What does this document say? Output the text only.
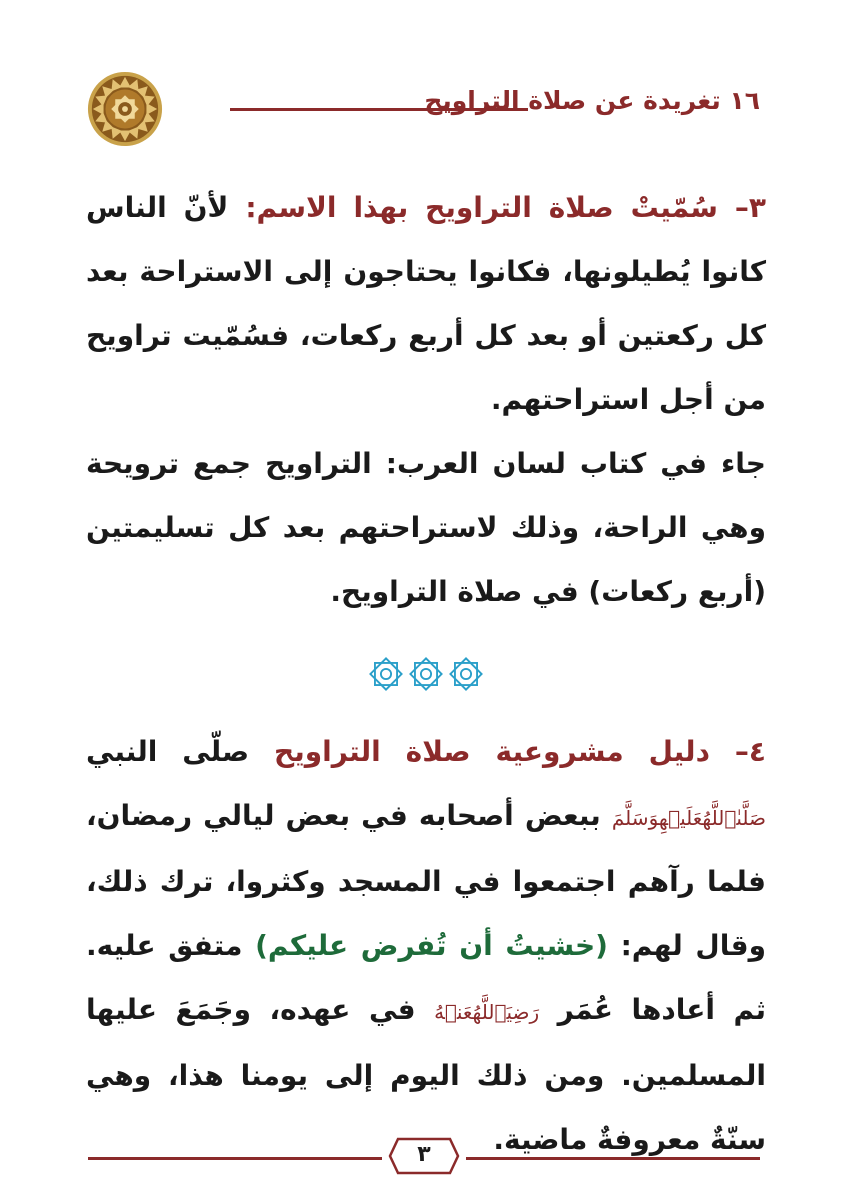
١٦ تغريدة عن صلاة التراويح

٣– سُمّيتْ صلاة التراويح بهذا الاسم: لأنّ الناس كانوا يُطيلونها، فكانوا يحتاجون إلى الاستراحة بعد كل ركعتين أو بعد كل أربع ركعات، فسُمّيت تراويح من أجل استراحتهم.

جاء في كتاب لسان العرب: التراويح جمع ترويحة وهي الراحة، وذلك لاستراحتهم بعد كل تسليمتين (أربع ركعات) في صلاة التراويح.

٤– دليل مشروعية صلاة التراويح صلّى النبي صَلَّىٰٱللَّهُعَلَيۡهِوَسَلَّمَ ببعض أصحابه في بعض ليالي رمضان، فلما رآهم اجتمعوا في المسجد وكثروا، ترك ذلك، وقال لهم: (خشيتُ أن تُفرض عليكم) متفق عليه. ثم أعادها عُمَر رَضِيَٱللَّهُعَنۡهُ في عهده، وجَمَعَ عليها المسلمين. ومن ذلك اليوم إلى يومنا هذا، وهي سنّةٌ معروفةٌ ماضية.

٣
